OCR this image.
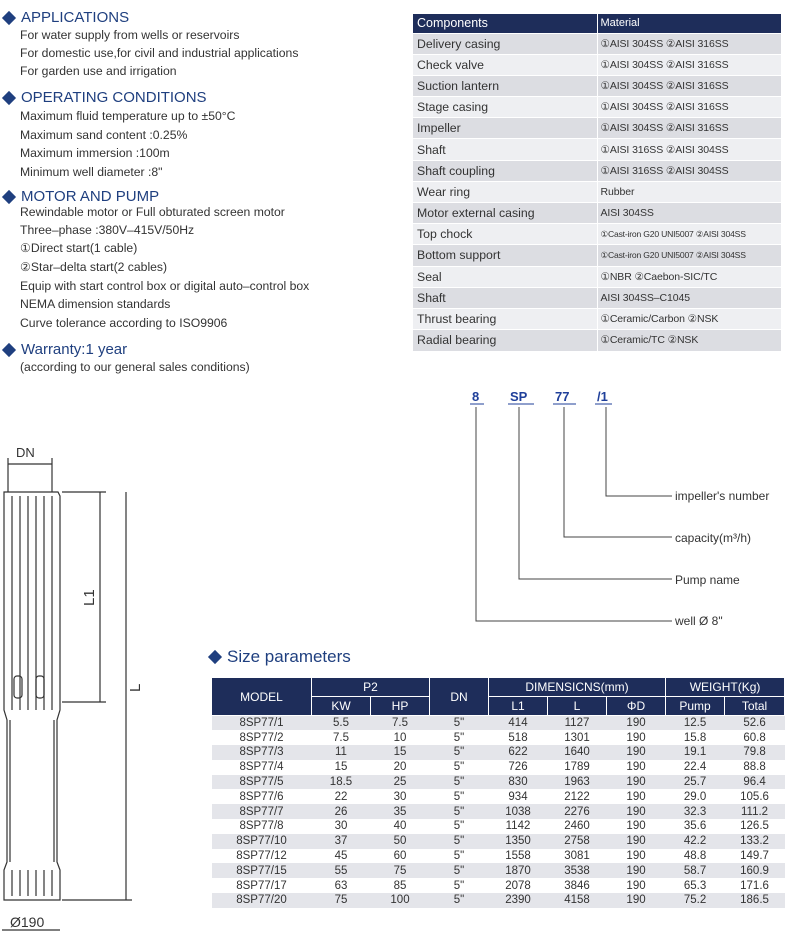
APPLICATIONS
For water supply from wells or reservoirs
For domestic use,for civil and industrial applications
For garden use and irrigation
OPERATING CONDITIONS
Maximum fluid temperature up to ±50°C
Maximum sand content :0.25%
Maximum immersion :100m
Minimum well diameter :8"
MOTOR AND PUMP
Rewindable motor or Full obturated screen motor
Three–phase :380V–415V/50Hz
①Direct start(1 cable)
②Star–delta start(2 cables)
Equip with start control box or digital auto–control box
NEMA dimension standards
Curve tolerance according to ISO9906
Warranty:1 year
(according to our general sales conditions)
Components	Material
Delivery casing	①AISI 304SS ②AISI 316SS
Check valve	①AISI 304SS ②AISI 316SS
Suction lantern	①AISI 304SS ②AISI 316SS
Stage casing	①AISI 304SS ②AISI 316SS
Impeller	①AISI 304SS ②AISI 316SS
Shaft	①AISI 316SS ②AISI 304SS
Shaft coupling	①AISI 316SS ②AISI 304SS
Wear ring	Rubber
Motor external casing	AISI 304SS
Top chock	①Cast-iron G20 UNI5007 ②AISI 304SS
Bottom support	①Cast-iron G20 UNI5007 ②AISI 304SS
Seal	①NBR ②Caebon-SIC/TC
Shaft	AISI 304SS–C1045
Thrust bearing	①Ceramic/Carbon ②NSK
Radial bearing	①Ceramic/TC ②NSK
8 SP 77 /1
impeller's number
capacity(m³/h)
Pump name
well Ø 8"
DN
L1
L
Ø190
Size parameters
MODEL	P2		DN	DIMENSICNS(mm)			WEIGHT(Kg)	
	KW	HP		L1	L	ΦD	Pump	Total
8SP77/1	5.5	7.5	5"	414	1127	190	12.5	52.6
8SP77/2	7.5	10	5"	518	1301	190	15.8	60.8
8SP77/3	11	15	5"	622	1640	190	19.1	79.8
8SP77/4	15	20	5"	726	1789	190	22.4	88.8
8SP77/5	18.5	25	5"	830	1963	190	25.7	96.4
8SP77/6	22	30	5"	934	2122	190	29.0	105.6
8SP77/7	26	35	5"	1038	2276	190	32.3	111.2
8SP77/8	30	40	5"	1142	2460	190	35.6	126.5
8SP77/10	37	50	5"	1350	2758	190	42.2	133.2
8SP77/12	45	60	5"	1558	3081	190	48.8	149.7
8SP77/15	55	75	5"	1870	3538	190	58.7	160.9
8SP77/17	63	85	5"	2078	3846	190	65.3	171.6
8SP77/20	75	100	5"	2390	4158	190	75.2	186.5
